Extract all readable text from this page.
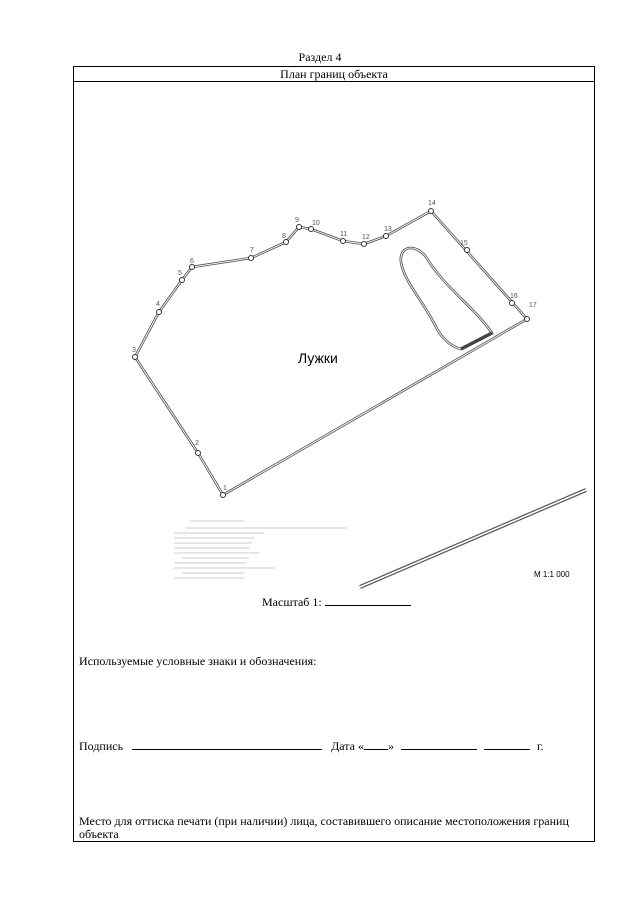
Раздел 4
План границ объекта
1
2
3
4
5
6
7
8
9 10
11 12
13
14
15
16
17
Лужки
М 1:1 000
Масштаб 1:
Используемые условные знаки и обозначения:
Подпись	Дата « »	г.
Место для оттиска печати (при наличии) лица, составившего описание местоположения границ объекта
